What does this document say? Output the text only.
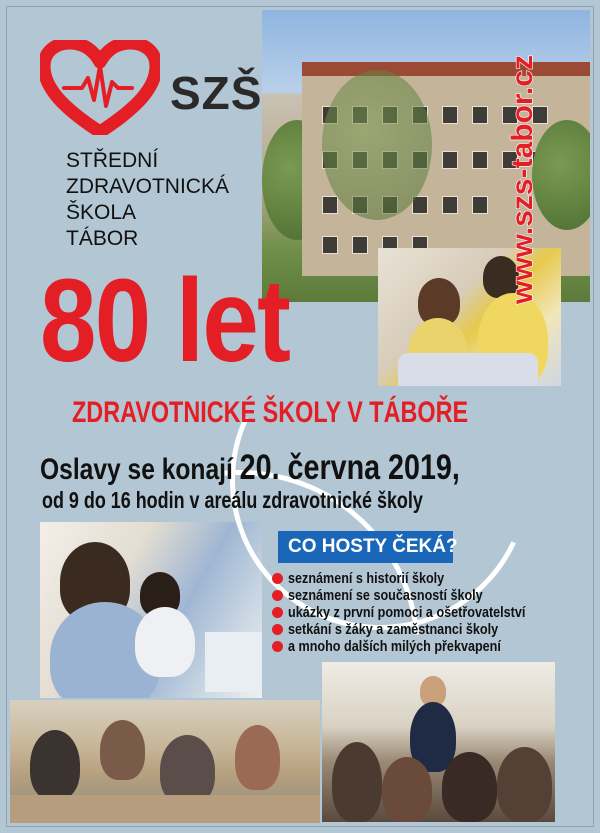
www.szs-tabor.cz
SZŠ
STŘEDNÍ
ZDRAVOTNICKÁ
ŠKOLA
TÁBOR
80 let
ZDRAVOTNICKÉ ŠKOLY V TÁBOŘE
Oslavy se konají 20. června 2019,
od 9 do 16 hodin v areálu zdravotnické školy
CO HOSTY ČEKÁ?
seznámení s historií školy
seznámení se současností školy
ukázky z první pomoci a ošetřovatelství
setkání s žáky a zaměstnanci školy
a mnoho dalších milých překvapení
